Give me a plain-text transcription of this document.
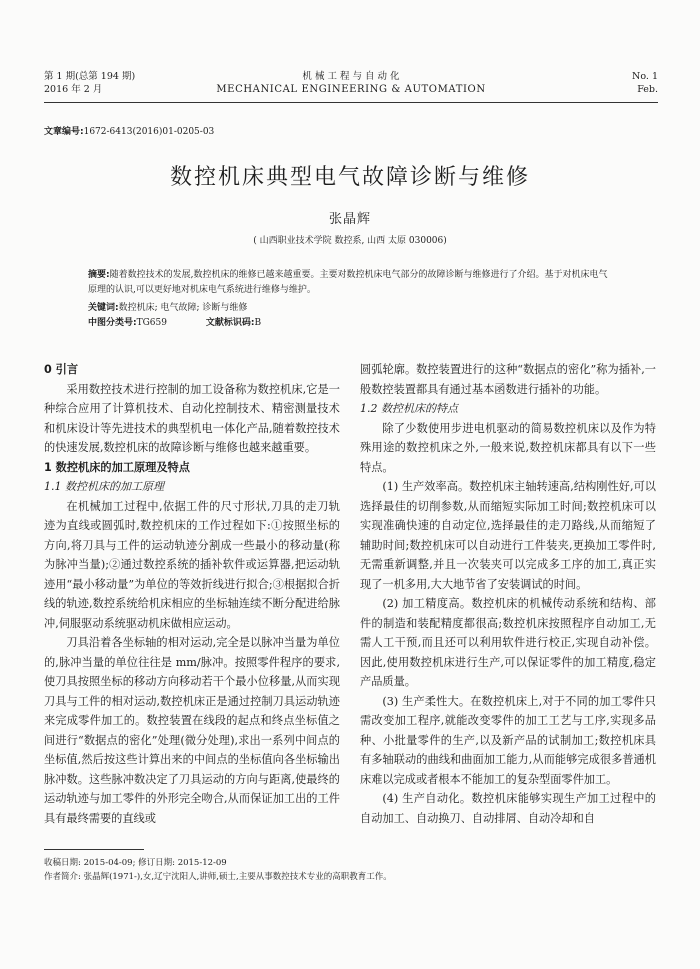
第 1 期(总第 194 期)
2016 年 2 月
机 械 工 程 与 自 动 化
MECHANICAL ENGINEERING & AUTOMATION
No. 1
Feb.
文章编号:1672-6413(2016)01-0205-03
数控机床典型电气故障诊断与维修
张晶辉
( 山西职业技术学院 数控系, 山西 太原 030006)

摘要:随着数控技术的发展,数控机床的维修已越来越重要。主要对数控机床电气部分的故障诊断与维修进行了介绍。基于对机床电气原理的认识,可以更好地对机床电气系统进行维修与维护。

关键词:数控机床; 电气故障; 诊断与维修
中图分类号:TG659	文献标识码:B
0 引言

采用数控技术进行控制的加工设备称为数控机床,它是一种综合应用了计算机技术、自动化控制技术、精密测量技术和机床设计等先进技术的典型机电一体化产品,随着数控技术的快速发展,数控机床的故障诊断与维修也越来越重要。

1 数控机床的加工原理及特点
1.1 数控机床的加工原理

在机械加工过程中,依据工件的尺寸形状,刀具的走刀轨迹为直线或圆弧时,数控机床的工作过程如下:①按照坐标的方向,将刀具与工件的运动轨迹分割成一些最小的移动量(称为脉冲当量);②通过数控系统的插补软件或运算器,把运动轨迹用“最小移动量”为单位的等效折线进行拟合;③根据拟合折线的轨迹,数控系统给机床相应的坐标轴连续不断分配进给脉冲,伺服驱动系统驱动机床做相应运动。

刀具沿着各坐标轴的相对运动,完全是以脉冲当量为单位的,脉冲当量的单位往往是 mm/脉冲。按照零件程序的要求,使刀具按照坐标的移动方向移动若干个最小位移量,从而实现刀具与工件的相对运动,数控机床正是通过控制刀具运动轨迹来完成零件加工的。数控装置在线段的起点和终点坐标值之间进行“数据点的密化”处理(微分处理),求出一系列中间点的坐标值,然后按这些计算出来的中间点的坐标值向各坐标输出脉冲数。这些脉冲数决定了刀具运动的方向与距离,使最终的运动轨迹与加工零件的外形完全吻合,从而保证加工出的工件具有最终需要的直线或

圆弧轮廓。数控装置进行的这种“数据点的密化”称为插补,一般数控装置都具有通过基本函数进行插补的功能。

1.2 数控机床的特点

除了少数使用步进电机驱动的简易数控机床以及作为特殊用途的数控机床之外,一般来说,数控机床都具有以下一些特点。

(1) 生产效率高。数控机床主轴转速高,结构刚性好,可以选择最佳的切削参数,从而缩短实际加工时间;数控机床可以实现准确快速的自动定位,选择最佳的走刀路线,从而缩短了辅助时间;数控机床可以自动进行工件装夹,更换加工零件时,无需重新调整,并且一次装夹可以完成多工序的加工,真正实现了一机多用,大大地节省了安装调试的时间。

(2) 加工精度高。数控机床的机械传动系统和结构、部件的制造和装配精度都很高;数控机床按照程序自动加工,无需人工干预,而且还可以利用软件进行校正,实现自动补偿。因此,使用数控机床进行生产,可以保证零件的加工精度,稳定产品质量。

(3) 生产柔性大。在数控机床上,对于不同的加工零件只需改变加工程序,就能改变零件的加工工艺与工序,实现多品种、小批量零件的生产,以及新产品的试制加工;数控机床具有多轴联动的曲线和曲面加工能力,从而能够完成很多普通机床难以完成或者根本不能加工的复杂型面零件加工。

(4) 生产自动化。数控机床能够实现生产加工过程中的自动加工、自动换刀、自动排屑、自动冷却和自

收稿日期: 2015-04-09; 修订日期: 2015-12-09
作者简介: 张晶辉(1971-),女,辽宁沈阳人,讲师,硕士,主要从事数控技术专业的高职教育工作。
